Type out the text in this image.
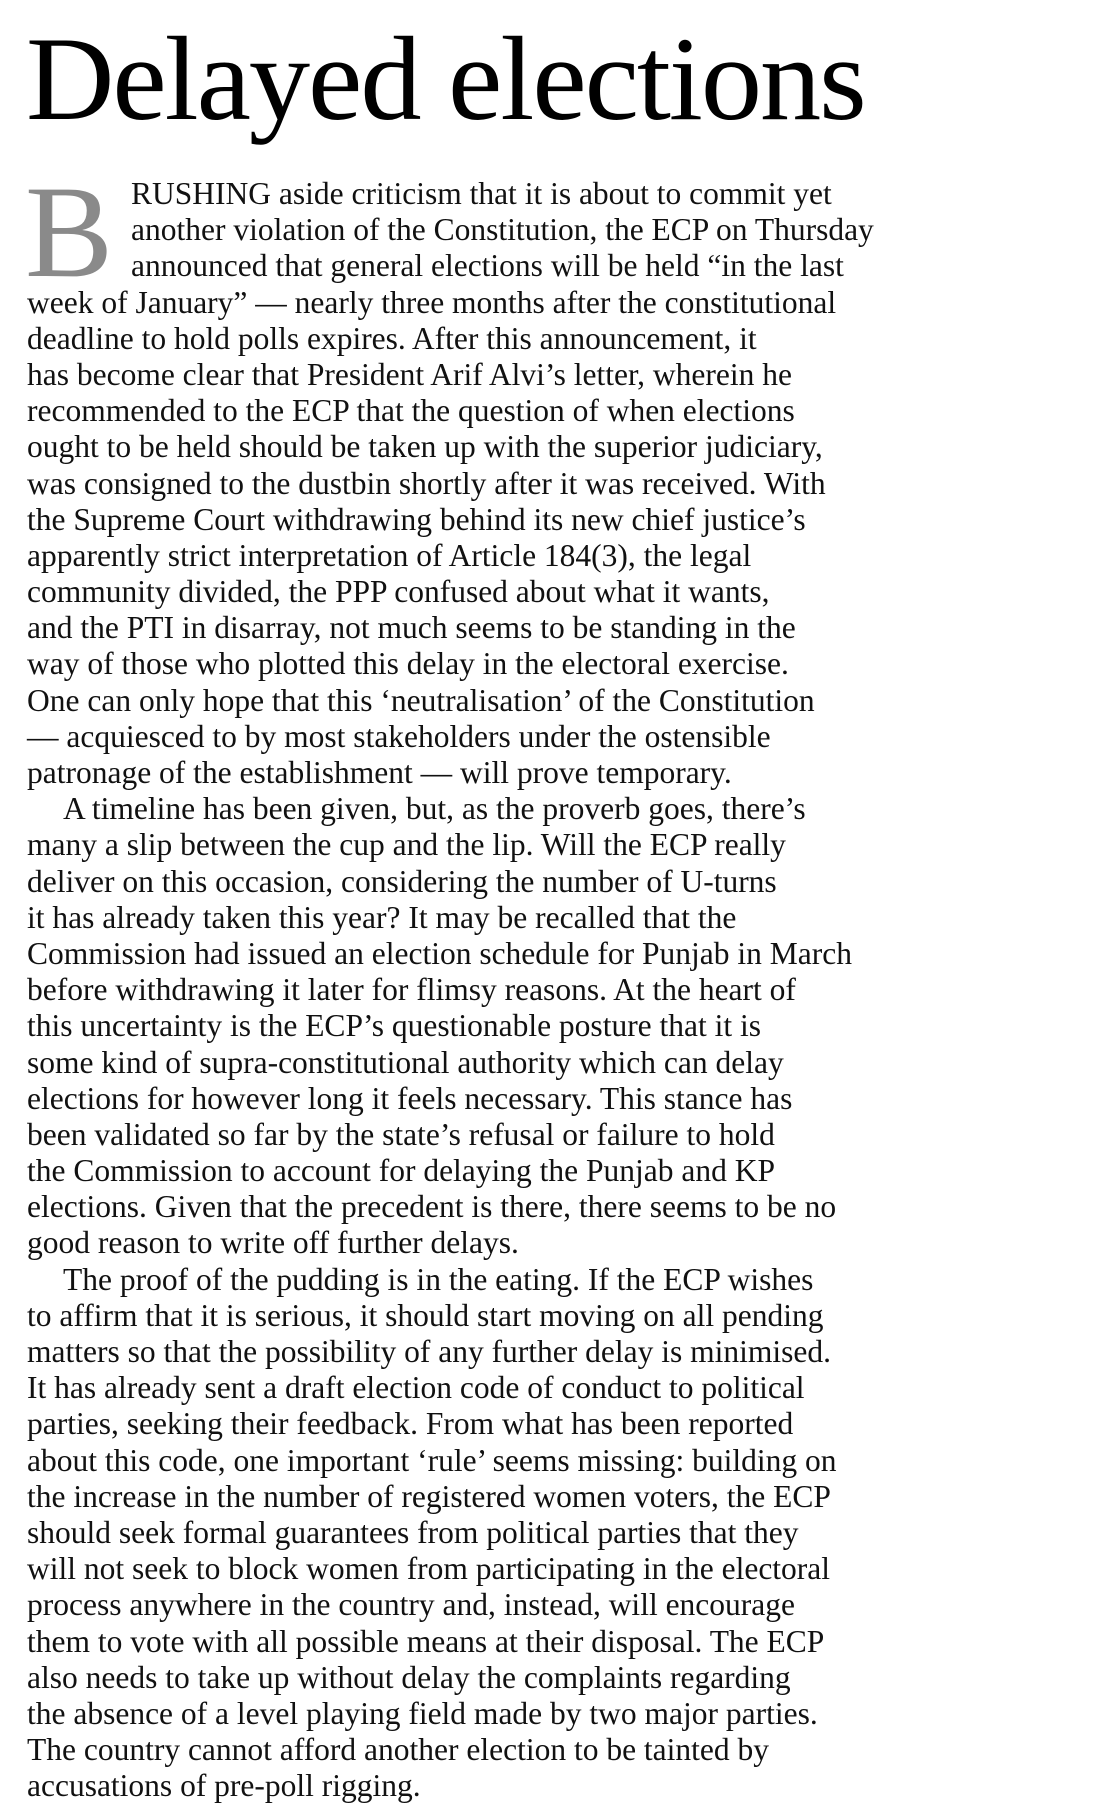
Delayed elections
B RUSHING aside criticism that it is about to commit yet
another violation of the Constitution, the ECP on Thursday
announced that general elections will be held “in the last
week of January” — nearly three months after the constitutional
deadline to hold polls expires. After this announcement, it
has become clear that President Arif Alvi’s letter, wherein he
recommended to the ECP that the question of when elections
ought to be held should be taken up with the superior judiciary,
was consigned to the dustbin shortly after it was received. With
the Supreme Court withdrawing behind its new chief justice’s
apparently strict interpretation of Article 184(3), the legal
community divided, the PPP confused about what it wants,
and the PTI in disarray, not much seems to be standing in the
way of those who plotted this delay in the electoral exercise.
One can only hope that this ‘neutralisation’ of the Constitution
— acquiesced to by most stakeholders under the ostensible
patronage of the establishment — will prove temporary.
A timeline has been given, but, as the proverb goes, there’s
many a slip between the cup and the lip. Will the ECP really
deliver on this occasion, considering the number of U-turns
it has already taken this year? It may be recalled that the
Commission had issued an election schedule for Punjab in March
before withdrawing it later for flimsy reasons. At the heart of
this uncertainty is the ECP’s questionable posture that it is
some kind of supra-constitutional authority which can delay
elections for however long it feels necessary. This stance has
been validated so far by the state’s refusal or failure to hold
the Commission to account for delaying the Punjab and KP
elections. Given that the precedent is there, there seems to be no
good reason to write off further delays.
The proof of the pudding is in the eating. If the ECP wishes
to affirm that it is serious, it should start moving on all pending
matters so that the possibility of any further delay is minimised.
It has already sent a draft election code of conduct to political
parties, seeking their feedback. From what has been reported
about this code, one important ‘rule’ seems missing: building on
the increase in the number of registered women voters, the ECP
should seek formal guarantees from political parties that they
will not seek to block women from participating in the electoral
process anywhere in the country and, instead, will encourage
them to vote with all possible means at their disposal. The ECP
also needs to take up without delay the complaints regarding
the absence of a level playing field made by two major parties.
The country cannot afford another election to be tainted by
accusations of pre-poll rigging.
